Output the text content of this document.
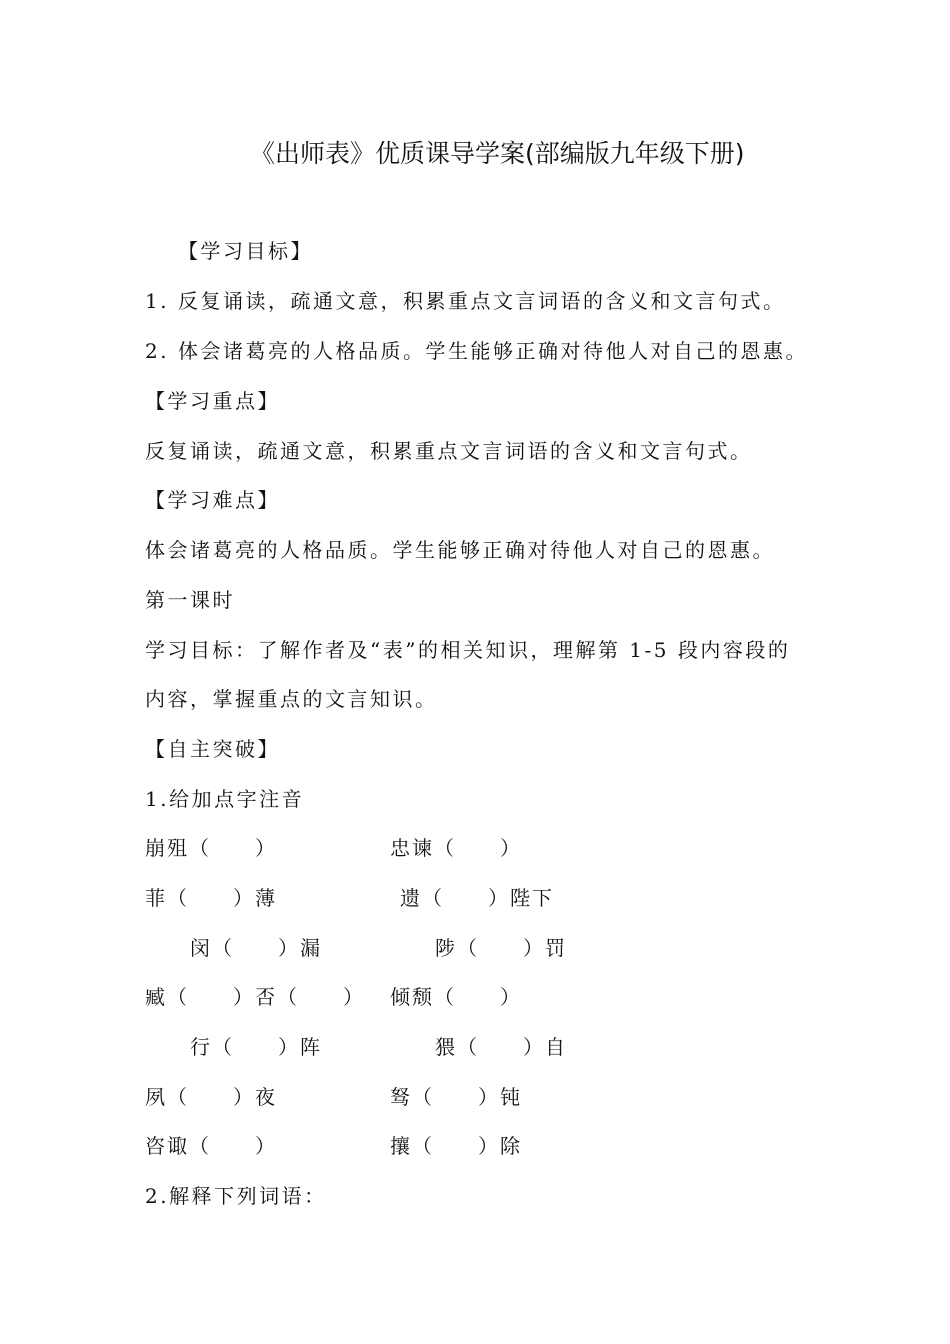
《出师表》优质课导学案(部编版九年级下册)
【学习目标】
1. 反复诵读，疏通文意，积累重点文言词语的含义和文言句式。
2. 体会诸葛亮的人格品质。学生能够正确对待他人对自己的恩惠。
【学习重点】
反复诵读，疏通文意，积累重点文言词语的含义和文言句式。
【学习难点】
体会诸葛亮的人格品质。学生能够正确对待他人对自己的恩惠。
第一课时
学习目标：了解作者及“表”的相关知识，理解第 1-5 段内容段的
内容，掌握重点的文言知识。
【自主突破】
1.给加点字注音
崩殂（　　）	忠谏（　　）
菲（　　）薄	遗（　　）陛下
闵（　　）漏	陟（　　）罚
臧（　　）否（　　） 倾颓（　　）
行（　　）阵	猥（　　）自
夙（　　）夜	驽（　　）钝
咨诹（　　）	攘（　　）除
2.解释下列词语：
